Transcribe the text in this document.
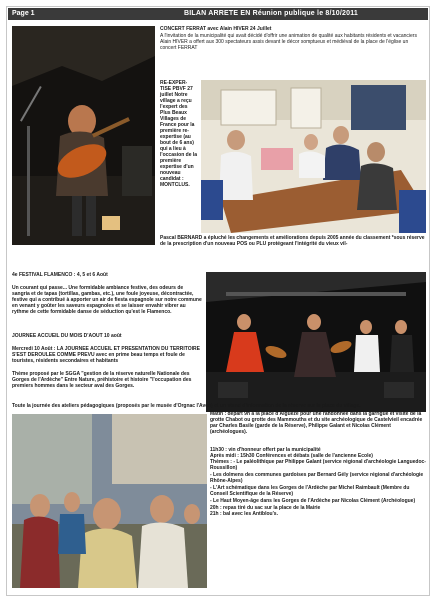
Page 1	BILAN ARRETE EN Réunion publique le 8/10/2011

CONCERT FERRAT avec Alain HIVER 24 Juillet

A l'invitation de la municipalité qui avait décidé d'offrir une animation de qualité aux habitants résidents et vacanciers Alain HIVER a offert aux 300 spectateurs assis devant le décor somptueux et médiéval de la place de l'église un concert FERRAT

RE-EXPER-TISE PBVF 27 juillet Notre village a reçu l'expert des Plus Beaux Villages de France pour la première re-expertise (au bout de 6 ans) qui a lieu à l'occasion de la première expertise d'un nouveau candidat : MONTCLUS.

Pascal BERNARD a épluché les changements et améliorations depuis 2005 année du classement *sous réserve de la prescription d'un nouveau POS ou PLU protégeant l'intégrité du vieux vil-

4e FESTIVAL FLAMENCO : 4, 5 et 6 Août

Un courant qui passe... Une formidable ambiance festive, des odeurs de sangria et de tapas (tortillas, gambas, etc.), une foule joyeuse, décontractée, festive qui a contribué à apporter un air de fiesta espagnole sur notre commune en venant y goûter les saveurs espagnoles et se laisser envahir vibrer au rythme de cette formidable danse de séduction qu'est le Flamenco.

JOURNEE ACCUEIL DU MOIS D'AOUT 10 août

Mercredi 10 Août : LA JOURNEE ACCUEIL ET PRESENTATION DU TERRITOIRE S'EST DEROULEE COMME PREVU avec en prime beau temps et foule de touristes, résidents secondaires et habitants

Thème proposé par le SGGA "gestion de la réserve naturelle Nationale des Gorges de l'Ardèche" Entre Nature, préhistoire et histoire "l'occupation des premiers hommes dans le secteur aval des Gorges.

Toute la journée des ateliers pédagogiques (proposés par le musée d'Orgnac l'Aven) et un stand d'information de la réserve sur la place du village.

Matin : départ 9h à la place d'Aiguèze pour une randonnée dans la garrigue et visite de la grotte Chabot ou grotte des Mammouths et du site archéologique de Castelvieil encadrée par Charles Basile (garde de la Réserve), Philippe Galant et Nicolas Clément (archéologues).

11h30 : vin d'honneur offert par la municipalité

Après midi : 15h30 Conférences et débats (salle de l'ancienne Ecole)

Thèmes : - Le paléolithique par Philippe Galant (service régional d'archéologie Languedoc-Roussillon)

- Les dolmens des communes gardoises par Bernard Gély (service régional d'archéologie Rhône-Alpes)

- L'Art schématique dans les Gorges de l'Ardèche par Michel Raimbault (Membre du Conseil Scientifique de la Réserve)

- Le Haut Moyen-âge dans les Gorges de l'Ardèche par Nicolas Clément (Archéologue)

20h : repas tiré du sac sur la place de la Mairie

21h : bal avec les Antiblou's.
